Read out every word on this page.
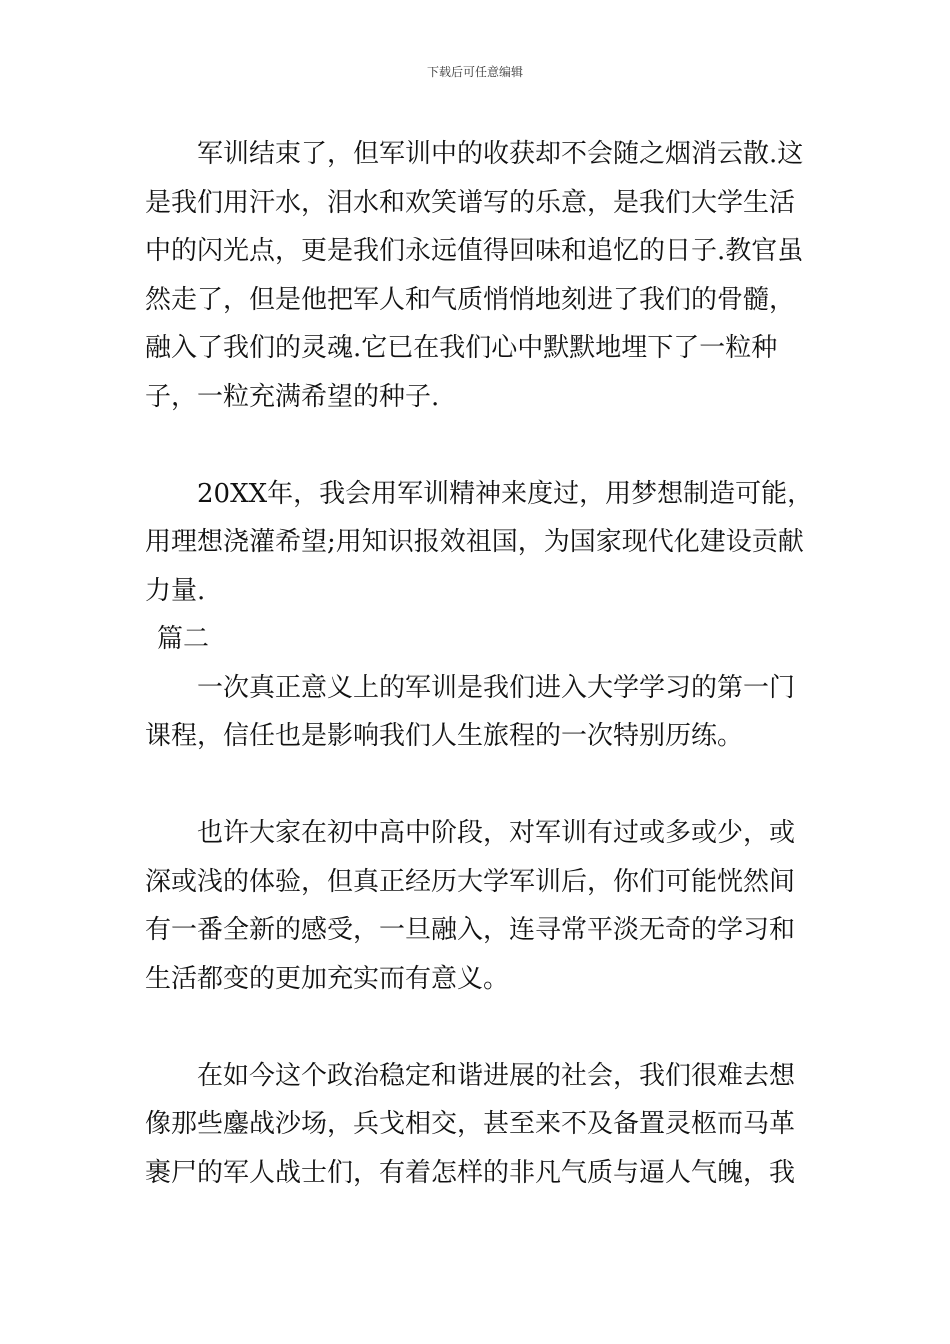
下载后可任意编辑

军训结束了，但军训中的收获却不会随之烟消云散.这是我们用汗水，泪水和欢笑谱写的乐意，是我们大学生活中的闪光点，更是我们永远值得回味和追忆的日子.教官虽然走了，但是他把军人和气质悄悄地刻进了我们的骨髓，融入了我们的灵魂.它已在我们心中默默地埋下了一粒种子，一粒充满希望的种子.

20XX年，我会用军训精神来度过，用梦想制造可能，用理想浇灌希望;用知识报效祖国，为国家现代化建设贡献力量.

篇二

一次真正意义上的军训是我们进入大学学习的第一门课程，信任也是影响我们人生旅程的一次特别历练。

也许大家在初中高中阶段，对军训有过或多或少，或深或浅的体验，但真正经历大学军训后，你们可能恍然间有一番全新的感受，一旦融入，连寻常平淡无奇的学习和生活都变的更加充实而有意义。

在如今这个政治稳定和谐进展的社会，我们很难去想像那些鏖战沙场，兵戈相交，甚至来不及备置灵柩而马革裹尸的军人战士们，有着怎样的非凡气质与逼人气魄，我
